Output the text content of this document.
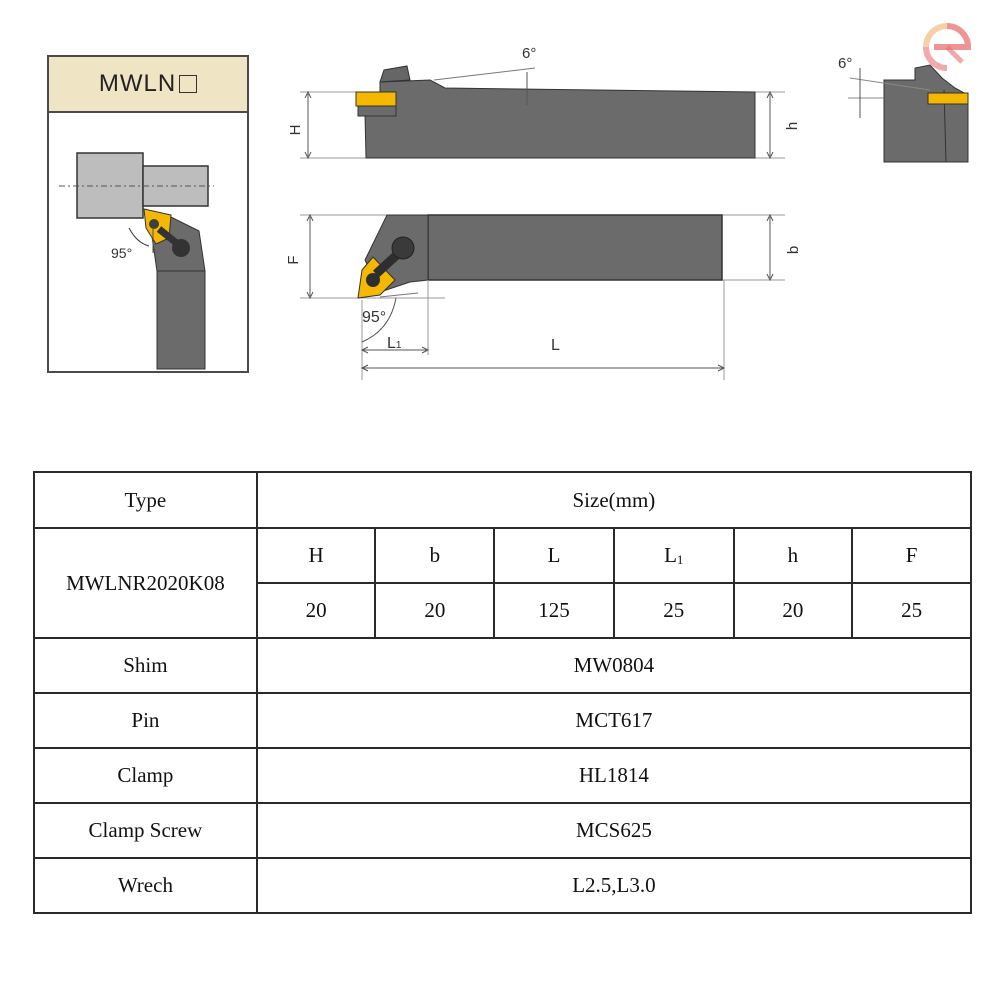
MWLN
95°
H	h
6°
F
b
95°
L1	L
6°
Type	Size(mm)					
MWLNR2020K08	H	b	L	$L_1$	h	F
	20	20	125	25	20	25
Shim	MW0804					
Pin	MCT617					
Clamp	HL1814					
Clamp Screw	MCS625					
Wrech	L2.5,L3.0					
